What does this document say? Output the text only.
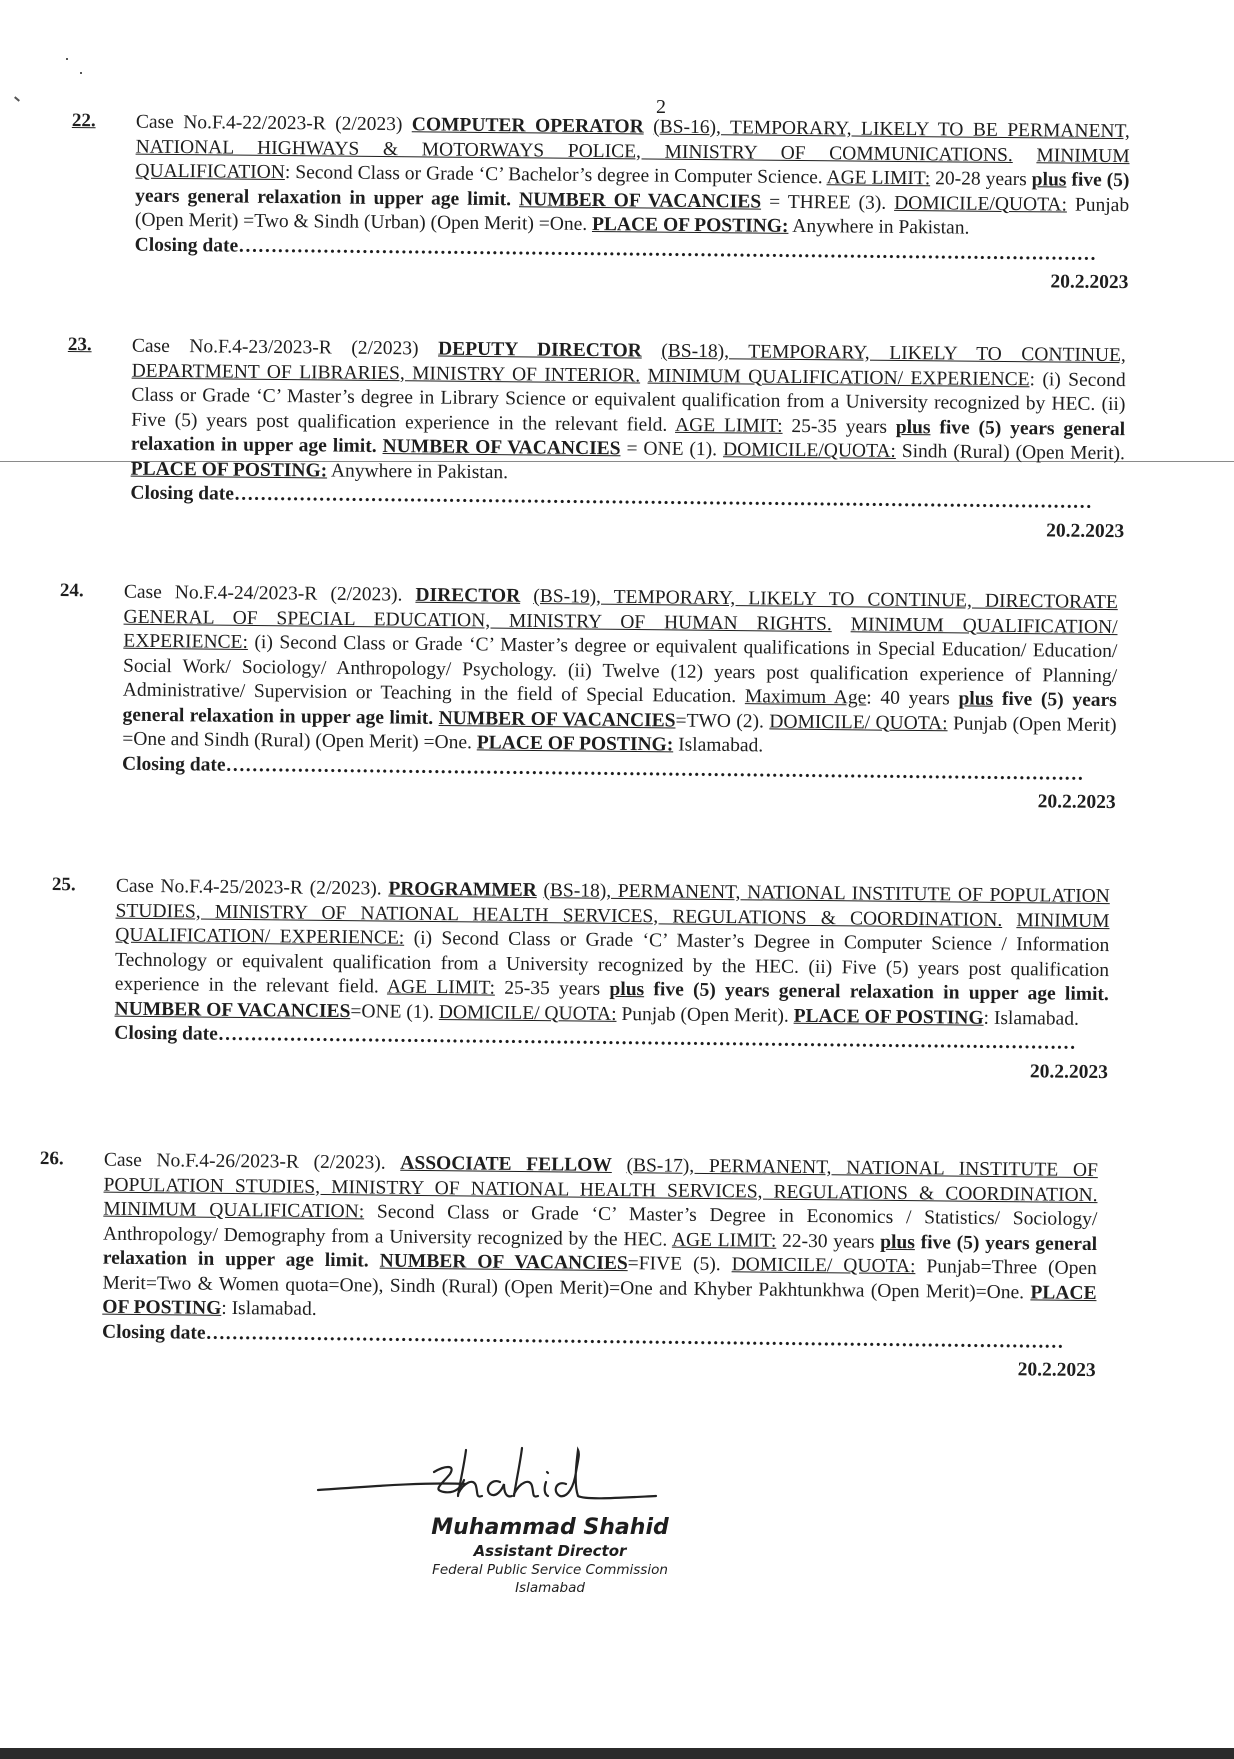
2
22. Case No.F.4-22/2023-R (2/2023) COMPUTER OPERATOR (BS-16), TEMPORARY, LIKELY TO BE PERMANENT, NATIONAL HIGHWAYS & MOTORWAYS POLICE, MINISTRY OF COMMUNICATIONS. MINIMUM QUALIFICATION: Second Class or Grade ‘C’ Bachelor’s degree in Computer Science. AGE LIMIT: 20-28 years plus five (5) years general relaxation in upper age limit. NUMBER OF VACANCIES = THREE (3). DOMICILE/QUOTA: Punjab (Open Merit) =Two & Sindh (Urban) (Open Merit) =One. PLACE OF POSTING: Anywhere in Pakistan.
Closing date……………………………………………………………………………………………………………………
20.2.2023
23. Case No.F.4-23/2023-R (2/2023) DEPUTY DIRECTOR (BS-18), TEMPORARY, LIKELY TO CONTINUE, DEPARTMENT OF LIBRARIES, MINISTRY OF INTERIOR. MINIMUM QUALIFICATION/ EXPERIENCE: (i) Second Class or Grade ‘C’ Master’s degree in Library Science or equivalent qualification from a University recognized by HEC. (ii) Five (5) years post qualification experience in the relevant field. AGE LIMIT: 25-35 years plus five (5) years general relaxation in upper age limit. NUMBER OF VACANCIES = ONE (1). DOMICILE/QUOTA: Sindh (Rural) (Open Merit). PLACE OF POSTING: Anywhere in Pakistan.
Closing date……………………………………………………………………………………………………………………
20.2.2023
24. Case No.F.4-24/2023-R (2/2023). DIRECTOR (BS-19), TEMPORARY, LIKELY TO CONTINUE, DIRECTORATE GENERAL OF SPECIAL EDUCATION, MINISTRY OF HUMAN RIGHTS. MINIMUM QUALIFICATION/ EXPERIENCE: (i) Second Class or Grade ‘C’ Master’s degree or equivalent qualifications in Special Education/ Education/ Social Work/ Sociology/ Anthropology/ Psychology. (ii) Twelve (12) years post qualification experience of Planning/ Administrative/ Supervision or Teaching in the field of Special Education. Maximum Age: 40 years plus five (5) years general relaxation in upper age limit. NUMBER OF VACANCIES=TWO (2). DOMICILE/ QUOTA: Punjab (Open Merit) =One and Sindh (Rural) (Open Merit) =One. PLACE OF POSTING: Islamabad.
Closing date……………………………………………………………………………………………………………………
20.2.2023
25. Case No.F.4-25/2023-R (2/2023). PROGRAMMER (BS-18), PERMANENT, NATIONAL INSTITUTE OF POPULATION STUDIES, MINISTRY OF NATIONAL HEALTH SERVICES, REGULATIONS & COORDINATION. MINIMUM QUALIFICATION/ EXPERIENCE: (i) Second Class or Grade ‘C’ Master’s Degree in Computer Science / Information Technology or equivalent qualification from a University recognized by the HEC. (ii) Five (5) years post qualification experience in the relevant field. AGE LIMIT: 25-35 years plus five (5) years general relaxation in upper age limit. NUMBER OF VACANCIES=ONE (1). DOMICILE/ QUOTA: Punjab (Open Merit). PLACE OF POSTING: Islamabad.
Closing date……………………………………………………………………………………………………………………
20.2.2023
26. Case No.F.4-26/2023-R (2/2023). ASSOCIATE FELLOW (BS-17), PERMANENT, NATIONAL INSTITUTE OF POPULATION STUDIES, MINISTRY OF NATIONAL HEALTH SERVICES, REGULATIONS & COORDINATION. MINIMUM QUALIFICATION: Second Class or Grade ‘C’ Master’s Degree in Economics / Statistics/ Sociology/ Anthropology/ Demography from a University recognized by the HEC. AGE LIMIT: 22-30 years plus five (5) years general relaxation in upper age limit. NUMBER OF VACANCIES=FIVE (5). DOMICILE/ QUOTA: Punjab=Three (Open Merit=Two & Women quota=One), Sindh (Rural) (Open Merit)=One and Khyber Pakhtunkhwa (Open Merit)=One. PLACE OF POSTING: Islamabad.
Closing date……………………………………………………………………………………………………………………
20.2.2023
Muhammad Shahid
Assistant Director
Federal Public Service Commission
Islamabad
